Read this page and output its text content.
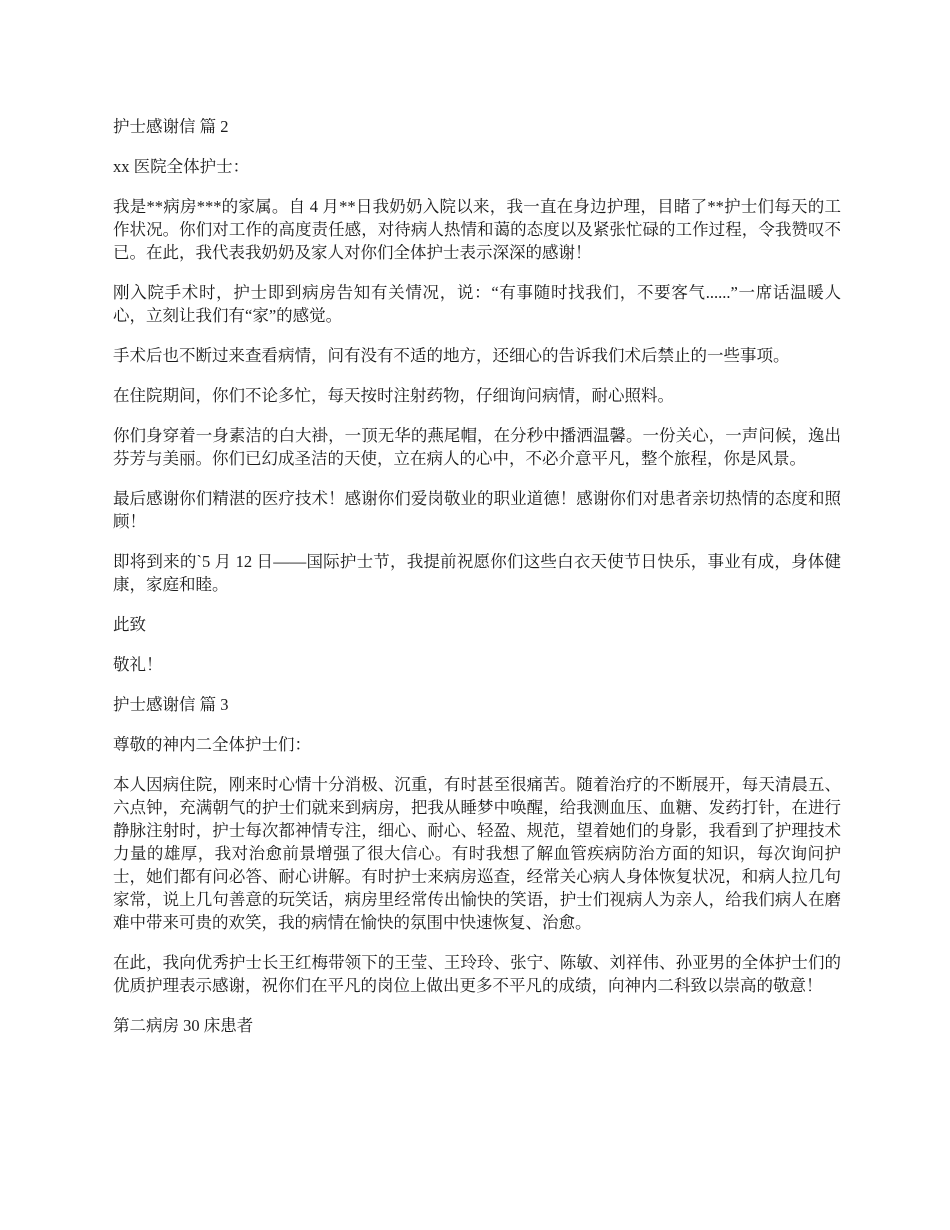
护士感谢信 篇 2
xx 医院全体护士：

我是**病房***的家属。自 4 月**日我奶奶入院以来，我一直在身边护理，目睹了**护士们每天的工作状况。你们对工作的高度责任感，对待病人热情和蔼的态度以及紧张忙碌的工作过程，令我赞叹不已。在此，我代表我奶奶及家人对你们全体护士表示深深的感谢！

刚入院手术时，护士即到病房告知有关情况，说：“有事随时找我们，不要客气......”一席话温暖人心，立刻让我们有“家”的感觉。

手术后也不断过来查看病情，问有没有不适的地方，还细心的告诉我们术后禁止的一些事项。

在住院期间，你们不论多忙，每天按时注射药物，仔细询问病情，耐心照料。

你们身穿着一身素洁的白大褂，一顶无华的燕尾帽，在分秒中播洒温馨。一份关心，一声问候，逸出芬芳与美丽。你们已幻成圣洁的天使，立在病人的心中，不必介意平凡，整个旅程，你是风景。

最后感谢你们精湛的医疗技术！感谢你们爱岗敬业的职业道德！感谢你们对患者亲切热情的态度和照顾！

即将到来的`5 月 12 日——国际护士节，我提前祝愿你们这些白衣天使节日快乐，事业有成，身体健康，家庭和睦。

此致
敬礼！
护士感谢信 篇 3
尊敬的神内二全体护士们：

本人因病住院，刚来时心情十分消极、沉重，有时甚至很痛苦。随着治疗的不断展开，每天清晨五、六点钟，充满朝气的护士们就来到病房，把我从睡梦中唤醒，给我测血压、血糖、发药打针，在进行静脉注射时，护士每次都神情专注，细心、耐心、轻盈、规范，望着她们的身影，我看到了护理技术力量的雄厚，我对治愈前景增强了很大信心。有时我想了解血管疾病防治方面的知识，每次询问护士，她们都有问必答、耐心讲解。有时护士来病房巡查，经常关心病人身体恢复状况，和病人拉几句家常，说上几句善意的玩笑话，病房里经常传出愉快的笑语，护士们视病人为亲人，给我们病人在磨难中带来可贵的欢笑，我的病情在愉快的氛围中快速恢复、治愈。

在此，我向优秀护士长王红梅带领下的王莹、王玲玲、张宁、陈敏、刘祥伟、孙亚男的全体护士们的优质护理表示感谢，祝你们在平凡的岗位上做出更多不平凡的成绩，向神内二科致以崇高的敬意！

第二病房 30 床患者
